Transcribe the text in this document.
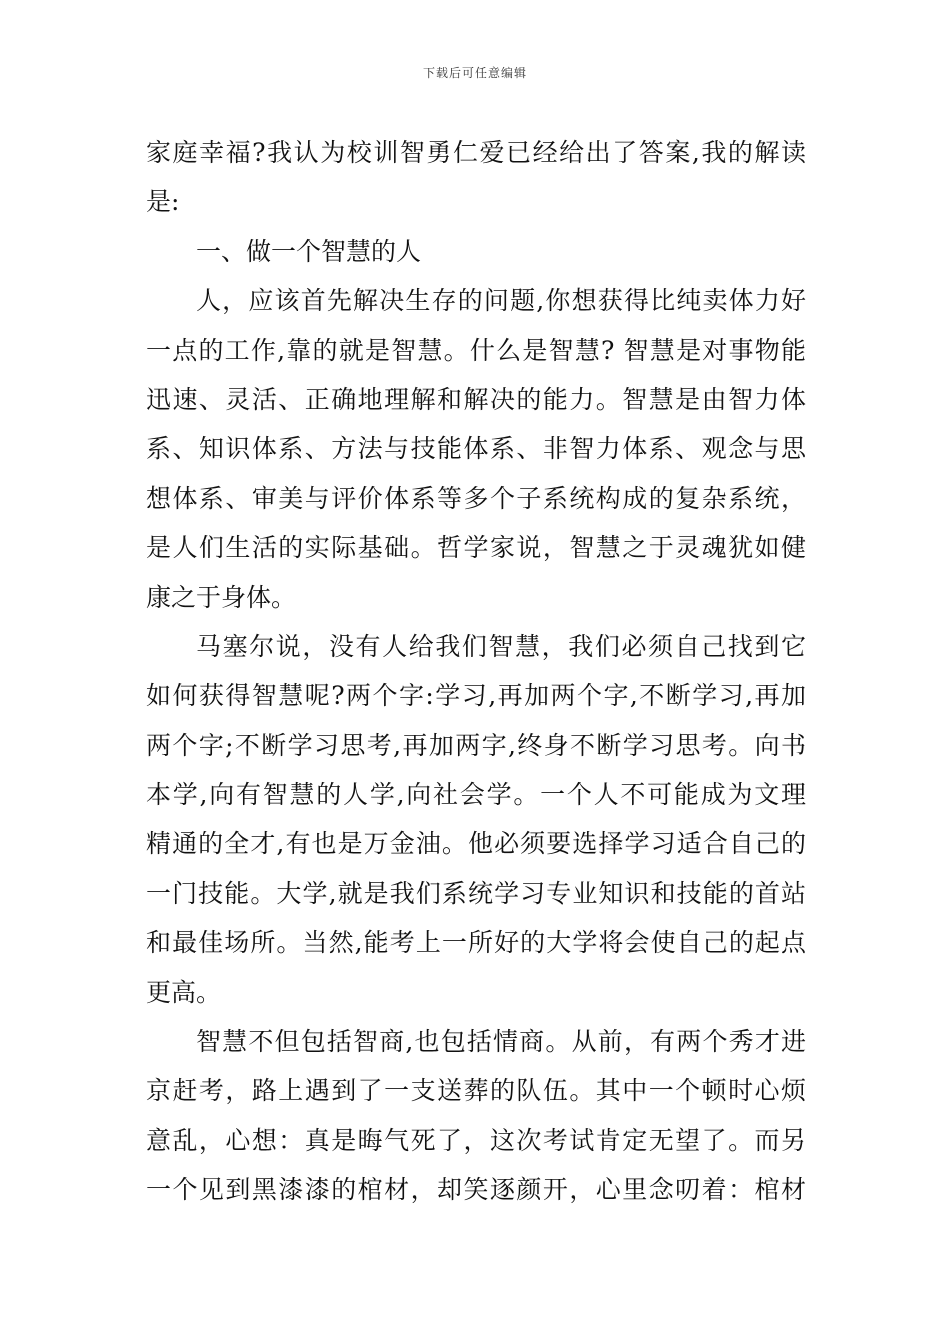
下载后可任意编辑
家庭幸福?我认为校训智勇仁爱已经给出了答案,我的解读
是:
一、做一个智慧的人
人，应该首先解决生存的问题,你想获得比纯卖体力好
一点的工作,靠的就是智慧。什么是智慧? 智慧是对事物能
迅速、灵活、正确地理解和解决的能力。智慧是由智力体
系、知识体系、方法与技能体系、非智力体系、观念与思
想体系、审美与评价体系等多个子系统构成的复杂系统，
是人们生活的实际基础。哲学家说，智慧之于灵魂犹如健
康之于身体。
马塞尔说，没有人给我们智慧，我们必须自己找到它
如何获得智慧呢?两个字:学习,再加两个字,不断学习,再加
两个字;不断学习思考,再加两字,终身不断学习思考。向书
本学,向有智慧的人学,向社会学。一个人不可能成为文理
精通的全才,有也是万金油。他必须要选择学习适合自己的
一门技能。大学,就是我们系统学习专业知识和技能的首站
和最佳场所。当然,能考上一所好的大学将会使自己的起点
更高。
智慧不但包括智商,也包括情商。从前，有两个秀才进
京赶考，路上遇到了一支送葬的队伍。其中一个顿时心烦
意乱，心想：真是晦气死了，这次考试肯定无望了。而另
一个见到黑漆漆的棺材，却笑逐颜开，心里念叨着：棺材
